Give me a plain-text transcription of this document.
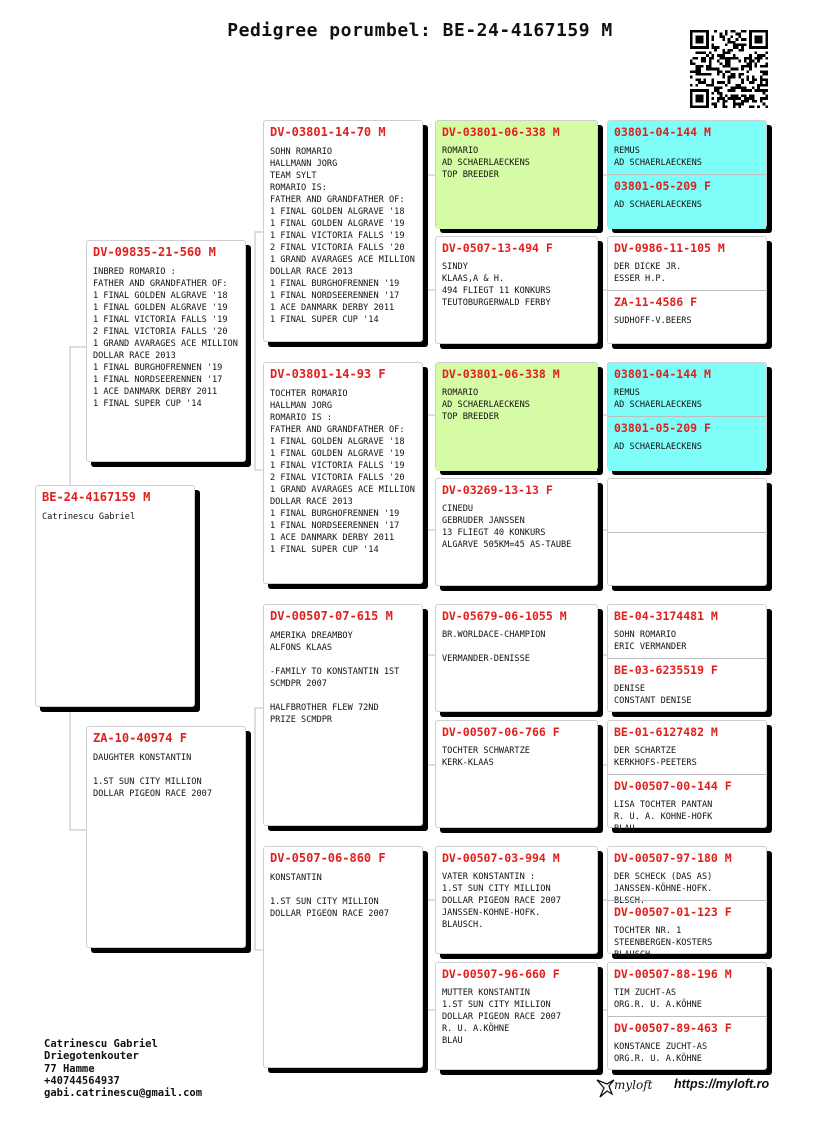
Pedigree porumbel: BE-24-4167159 M
BE-24-4167159 M
Catrinescu Gabriel
DV-09835-21-560 M
INBRED ROMARIO :
FATHER AND GRANDFATHER OF:
1 FINAL GOLDEN ALGRAVE '18
1 FINAL GOLDEN ALGRAVE '19
1 FINAL VICTORIA FALLS '19
2 FINAL VICTORIA FALLS '20
1 GRAND AVARAGES ACE MILLION
DOLLAR RACE 2013
1 FINAL BURGHOFRENNEN '19
1 FINAL NORDSEERENNEN '17
1 ACE DANMARK DERBY 2011
1 FINAL SUPER CUP '14
ZA-10-40974 F
DAUGHTER KONSTANTIN

1.ST SUN CITY MILLION
DOLLAR PIGEON RACE 2007
DV-03801-14-70 M
SOHN ROMARIO
HALLMANN JORG
TEAM SYLT
ROMARIO IS:
FATHER AND GRANDFATHER OF:
1 FINAL GOLDEN ALGRAVE '18
1 FINAL GOLDEN ALGRAVE '19
1 FINAL VICTORIA FALLS '19
2 FINAL VICTORIA FALLS '20
1 GRAND AVARAGES ACE MILLION
DOLLAR RACE 2013
1 FINAL BURGHOFRENNEN '19
1 FINAL NORDSEERENNEN '17
1 ACE DANMARK DERBY 2011
1 FINAL SUPER CUP '14
DV-03801-14-93 F
TOCHTER ROMARIO
HALLMAN JORG
ROMARIO IS :
FATHER AND GRANDFATHER OF:
1 FINAL GOLDEN ALGRAVE '18
1 FINAL GOLDEN ALGRAVE '19
1 FINAL VICTORIA FALLS '19
2 FINAL VICTORIA FALLS '20
1 GRAND AVARAGES ACE MILLION
DOLLAR RACE 2013
1 FINAL BURGHOFRENNEN '19
1 FINAL NORDSEERENNEN '17
1 ACE DANMARK DERBY 2011
1 FINAL SUPER CUP '14
DV-00507-07-615 M
AMERIKA DREAMBOY
ALFONS KLAAS

-FAMILY TO KONSTANTIN 1ST
SCMDPR 2007

HALFBROTHER FLEW 72ND
PRIZE SCMDPR
DV-0507-06-860 F
KONSTANTIN

1.ST SUN CITY MILLION
DOLLAR PIGEON RACE 2007
DV-03801-06-338 M
ROMARIO
AD SCHAERLAECKENS
TOP BREEDER
DV-0507-13-494 F
SINDY
KLAAS,A & H.
494 FLIEGT 11 KONKURS
TEUTOBURGERWALD FERBY
DV-03801-06-338 M
ROMARIO
AD SCHAERLAECKENS
TOP BREEDER
DV-03269-13-13 F
CINEDU
GEBRUDER JANSSEN
13 FLIEGT 40 KONKURS
ALGARVE 505KM=45 AS-TAUBE
DV-05679-06-1055 M
BR.WORLDACE-CHAMPION

VERMANDER-DENISSE
DV-00507-06-766 F
TOCHTER SCHWARTZE
KERK-KLAAS
DV-00507-03-994 M
VATER KONSTANTIN :
1.ST SUN CITY MILLION
DOLLAR PIGEON RACE 2007
JANSSEN-KOHNE-HOFK.
BLAUSCH.
DV-00507-96-660 F
MUTTER KONSTANTIN
1.ST SUN CITY MILLION
DOLLAR PIGEON RACE 2007
R. U. A.KÖHNE
BLAU
03801-04-144 M
REMUS
AD SCHAERLAECKENS
03801-05-209 F
AD SCHAERLAECKENS
DV-0986-11-105 M
DER DICKE JR.
ESSER H.P.
ZA-11-4586 F
SUDHOFF-V.BEERS
03801-04-144 M
REMUS
AD SCHAERLAECKENS
03801-05-209 F
AD SCHAERLAECKENS
BE-04-3174481 M
SOHN ROMARIO
ERIC VERMANDER
BE-03-6235519 F
DENISE
CONSTANT DENISE
BE-01-6127482 M
DER SCHARTZE
KERKHOFS-PEETERS
DV-00507-00-144 F
LISA TOCHTER PANTAN
R. U. A. KOHNE-HOFK
BLAU
DV-00507-97-180 M
DER SCHECK (DAS AS)
JANSSEN-KÖHNE-HOFK.
BLSCH.
DV-00507-01-123 F
TOCHTER NR. 1
STEENBERGEN-KOSTERS
BLAUSCH.
DV-00507-88-196 M
TIM ZUCHT-AS
ORG.R. U. A.KÖHNE
DV-00507-89-463 F
KONSTANCE ZUCHT-AS
ORG.R. U. A.KÖHNE
Catrinescu Gabriel
Driegotenkouter
77 Hamme
+40744564937
gabi.catrinescu@gmail.com
myloft https://myloft.ro
